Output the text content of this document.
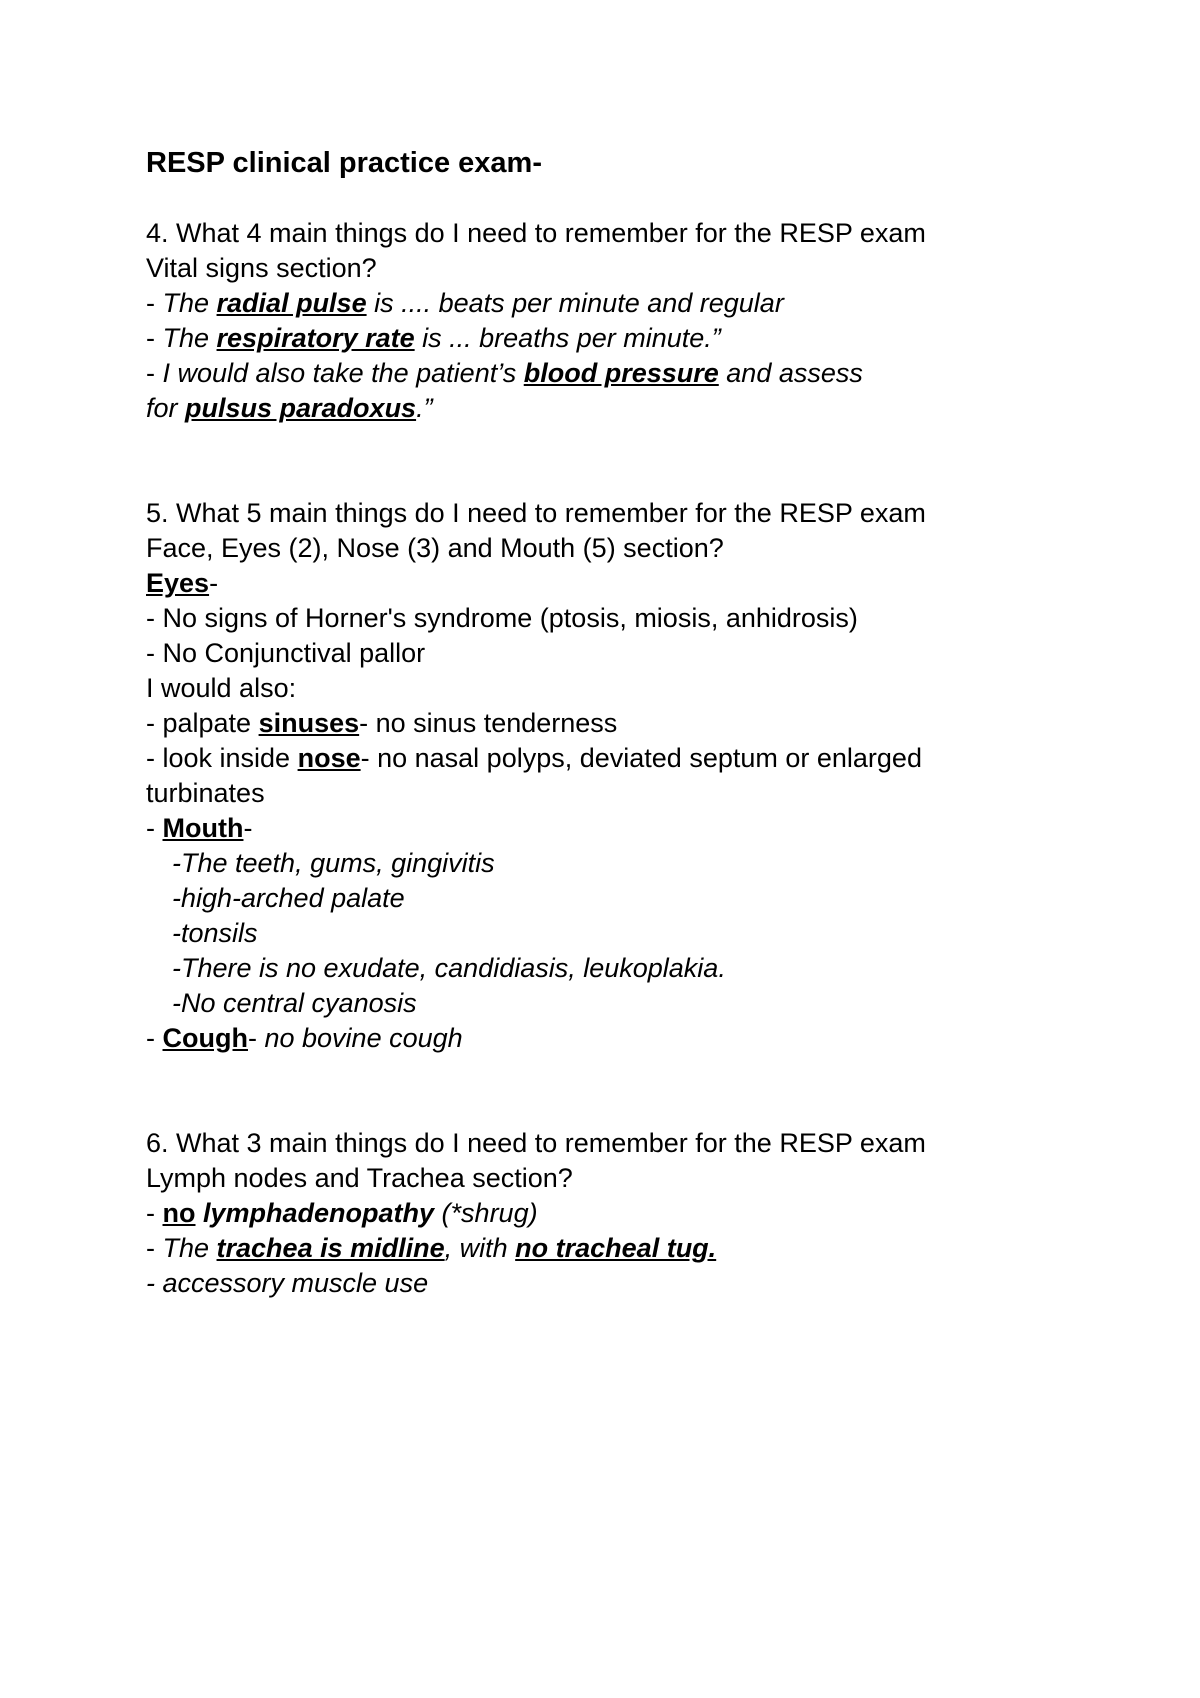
RESP clinical practice exam-
4. What 4 main things do I need to remember for the RESP exam
Vital signs section?
- The radial pulse is .... beats per minute and regular
- The respiratory rate is ... breaths per minute.”
- I would also take the patient’s blood pressure and assess
for pulsus paradoxus.”
5. What 5 main things do I need to remember for the RESP exam
Face, Eyes (2), Nose (3) and Mouth (5) section?
Eyes-
- No signs of Horner's syndrome (ptosis, miosis, anhidrosis)
- No Conjunctival pallor
I would also:
- palpate sinuses- no sinus tenderness
- look inside nose- no nasal polyps, deviated septum or enlarged
turbinates
- Mouth-
-The teeth, gums, gingivitis
-high-arched palate
-tonsils
-There is no exudate, candidiasis, leukoplakia.
-No central cyanosis
- Cough- no bovine cough
6. What 3 main things do I need to remember for the RESP exam
Lymph nodes and Trachea section?
- no lymphadenopathy (*shrug)
- The trachea is midline, with no tracheal tug.
- accessory muscle use
